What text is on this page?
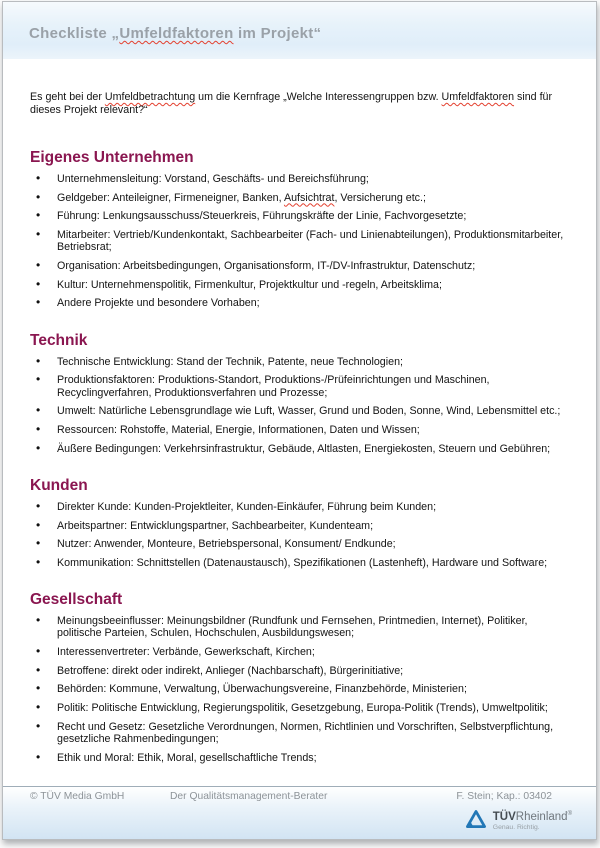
Checkliste „Umfeldfaktoren im Projekt“

Es geht bei der Umfeldbetrachtung um die Kernfrage „Welche Interessengruppen bzw. Umfeldfaktoren sind für dieses Projekt relevant?“

Eigenes Unternehmen
• Unternehmensleitung: Vorstand, Geschäfts- und Bereichsführung;
• Geldgeber: Anteileigner, Firmeneigner, Banken, Aufsichtrat, Versicherung etc.;
• Führung: Lenkungsausschuss/Steuerkreis, Führungskräfte der Linie, Fachvorgesetzte;
• Mitarbeiter: Vertrieb/Kundenkontakt, Sachbearbeiter (Fach- und Linienabteilungen), Produktionsmitarbeiter, Betriebsrat;
• Organisation: Arbeitsbedingungen, Organisationsform, IT-/DV-Infrastruktur, Datenschutz;
• Kultur: Unternehmenspolitik, Firmenkultur, Projektkultur und -regeln, Arbeitsklima;
• Andere Projekte und besondere Vorhaben;
Technik
• Technische Entwicklung: Stand der Technik, Patente, neue Technologien;
• Produktionsfaktoren: Produktions-Standort, Produktions-/Prüfeinrichtungen und Maschinen, Recyclingverfahren, Produktionsverfahren und Prozesse;
• Umwelt: Natürliche Lebensgrundlage wie Luft, Wasser, Grund und Boden, Sonne, Wind, Lebensmittel etc.;
• Ressourcen: Rohstoffe, Material, Energie, Informationen, Daten und Wissen;
• Äußere Bedingungen: Verkehrsinfrastruktur, Gebäude, Altlasten, Energiekosten, Steuern und Gebühren;
Kunden
• Direkter Kunde: Kunden-Projektleiter, Kunden-Einkäufer, Führung beim Kunden;
• Arbeitspartner: Entwicklungspartner, Sachbearbeiter, Kundenteam;
• Nutzer: Anwender, Monteure, Betriebspersonal, Konsument/ Endkunde;
• Kommunikation: Schnittstellen (Datenaustausch), Spezifikationen (Lastenheft), Hardware und Software;
Gesellschaft
• Meinungsbeeinflusser: Meinungsbildner (Rundfunk und Fernsehen, Printmedien, Internet), Politiker, politische Parteien, Schulen, Hochschulen, Ausbildungswesen;
• Interessenvertreter: Verbände, Gewerkschaft, Kirchen;
• Betroffene: direkt oder indirekt, Anlieger (Nachbarschaft), Bürgerinitiative;
• Behörden: Kommune, Verwaltung, Überwachungsvereine, Finanzbehörde, Ministerien;
• Politik: Politische Entwicklung, Regierungspolitik, Gesetzgebung, Europa-Politik (Trends), Umweltpolitik;
• Recht und Gesetz: Gesetzliche Verordnungen, Normen, Richtlinien und Vorschriften, Selbstverpflichtung, gesetzliche Rahmenbedingungen;
• Ethik und Moral: Ethik, Moral, gesellschaftliche Trends;
© TÜV Media GmbH	Der Qualitätsmanagement-Berater	F. Stein; Kap.: 03402
TÜVRheinland®
Genau. Richtig.
